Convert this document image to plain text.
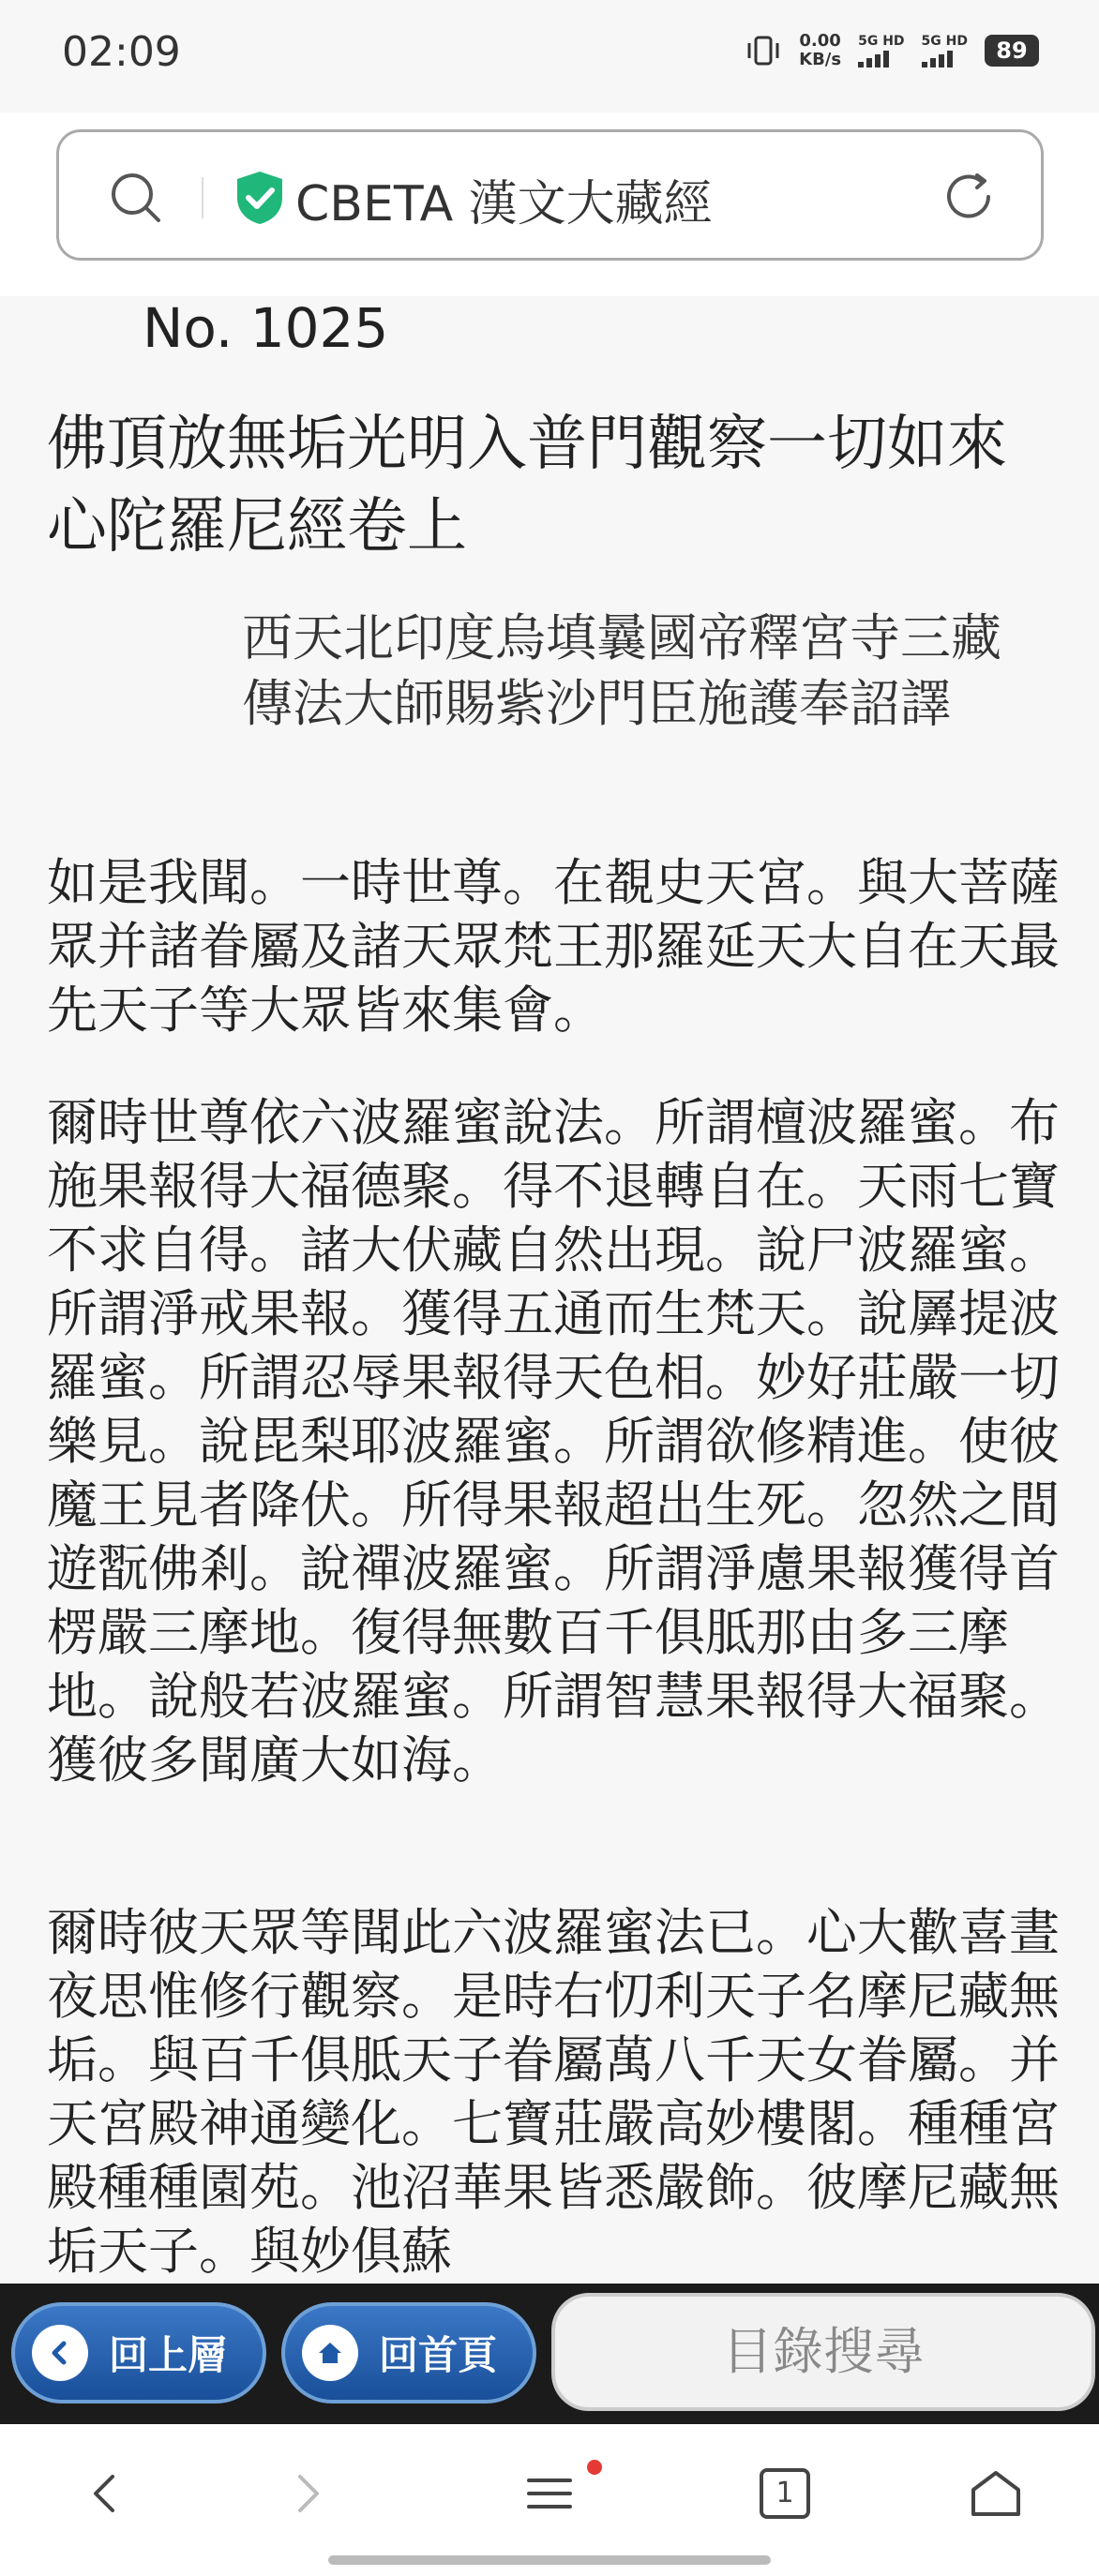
02:09	0.00
KB/s
5G HD 5G HD	89
CBETA 漢文大藏經
No. 1025
佛頂放無垢光明入普門觀察一切如來心陀羅尼經卷上
西天北印度烏填曩國帝釋宮寺三藏傳法大師賜紫沙門臣施護奉詔譯
如是我聞。一時世尊。在覩史天宮。與大菩薩眾并諸眷屬及諸天眾梵王那羅延天大自在天最先天子等大眾皆來集會。
爾時世尊依六波羅蜜說法。所謂檀波羅蜜。布施果報得大福德聚。得不退轉自在。天雨七寶不求自得。諸大伏藏自然出現。說尸波羅蜜。所謂淨戒果報。獲得五通而生梵天。說羼提波羅蜜。所謂忍辱果報得天色相。妙好莊嚴一切樂見。說毘梨耶波羅蜜。所謂欲修精進。使彼魔王見者降伏。所得果報超出生死。忽然之間遊翫佛剎。說禪波羅蜜。所謂淨慮果報獲得首楞嚴三摩地。復得無數百千俱胝那由多三摩地。說般若波羅蜜。所謂智慧果報得大福聚。獲彼多聞廣大如海。
爾時彼天眾等聞此六波羅蜜法已。心大歡喜晝夜思惟修行觀察。是時右忉利天子名摩尼藏無垢。與百千俱胝天子眷屬萬八千天女眷屬。并天宮殿神通變化。七寶莊嚴高妙樓閣。種種宮殿種種園苑。池沼華果皆悉嚴飾。彼摩尼藏無垢天子。與妙俱蘇
回上層	回首頁	目錄搜尋
1
